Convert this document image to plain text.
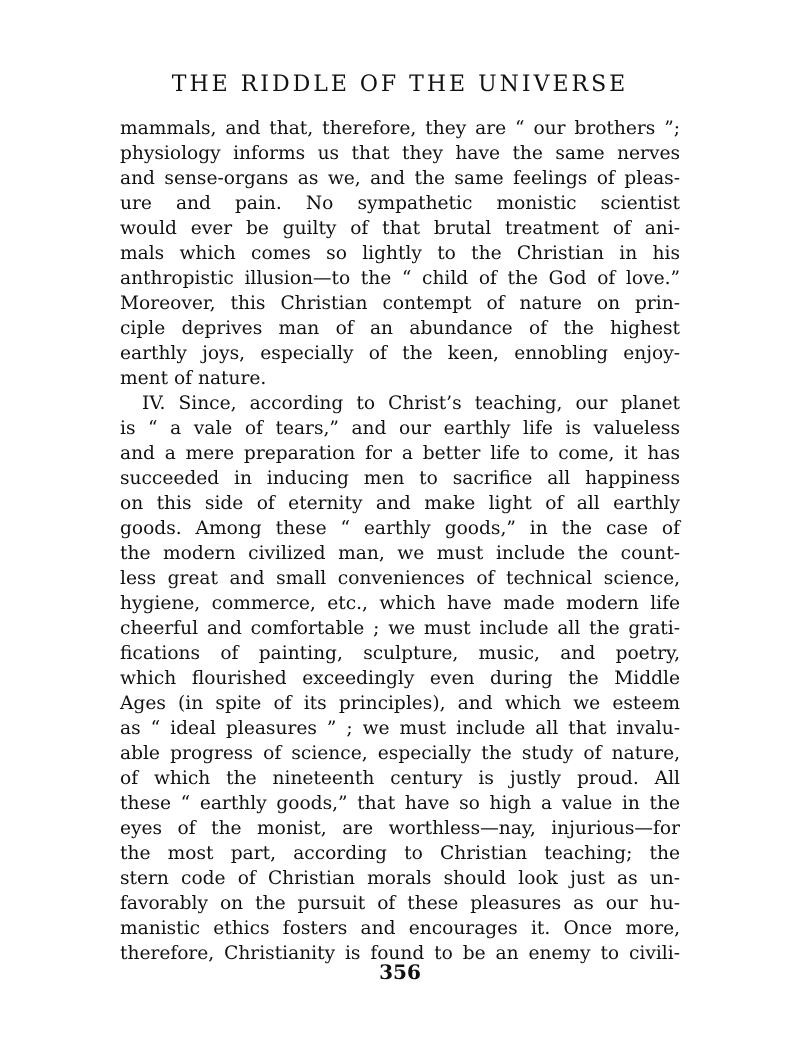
THE RIDDLE OF THE UNIVERSE
mammals, and that, therefore, they are “ our brothers ”;
physiology informs us that they have the same nerves
and sense-organs as we, and the same feelings of pleas-
ure and pain. No sympathetic monistic scientist
would ever be guilty of that brutal treatment of ani-
mals which comes so lightly to the Christian in his
anthropistic illusion—to the “ child of the God of love.”
Moreover, this Christian contempt of nature on prin-
ciple deprives man of an abundance of the highest
earthly joys, especially of the keen, ennobling enjoy-
ment of nature.
IV. Since, according to Christ’s teaching, our planet
is “ a vale of tears,” and our earthly life is valueless
and a mere preparation for a better life to come, it has
succeeded in inducing men to sacrifice all happiness
on this side of eternity and make light of all earthly
goods. Among these “ earthly goods,” in the case of
the modern civilized man, we must include the count-
less great and small conveniences of technical science,
hygiene, commerce, etc., which have made modern life
cheerful and comfortable ; we must include all the grati-
fications of painting, sculpture, music, and poetry,
which flourished exceedingly even during the Middle
Ages (in spite of its principles), and which we esteem
as “ ideal pleasures ” ; we must include all that invalu-
able progress of science, especially the study of nature,
of which the nineteenth century is justly proud. All
these “ earthly goods,” that have so high a value in the
eyes of the monist, are worthless—nay, injurious—for
the most part, according to Christian teaching; the
stern code of Christian morals should look just as un-
favorably on the pursuit of these pleasures as our hu-
manistic ethics fosters and encourages it. Once more,
therefore, Christianity is found to be an enemy to civili-
356
